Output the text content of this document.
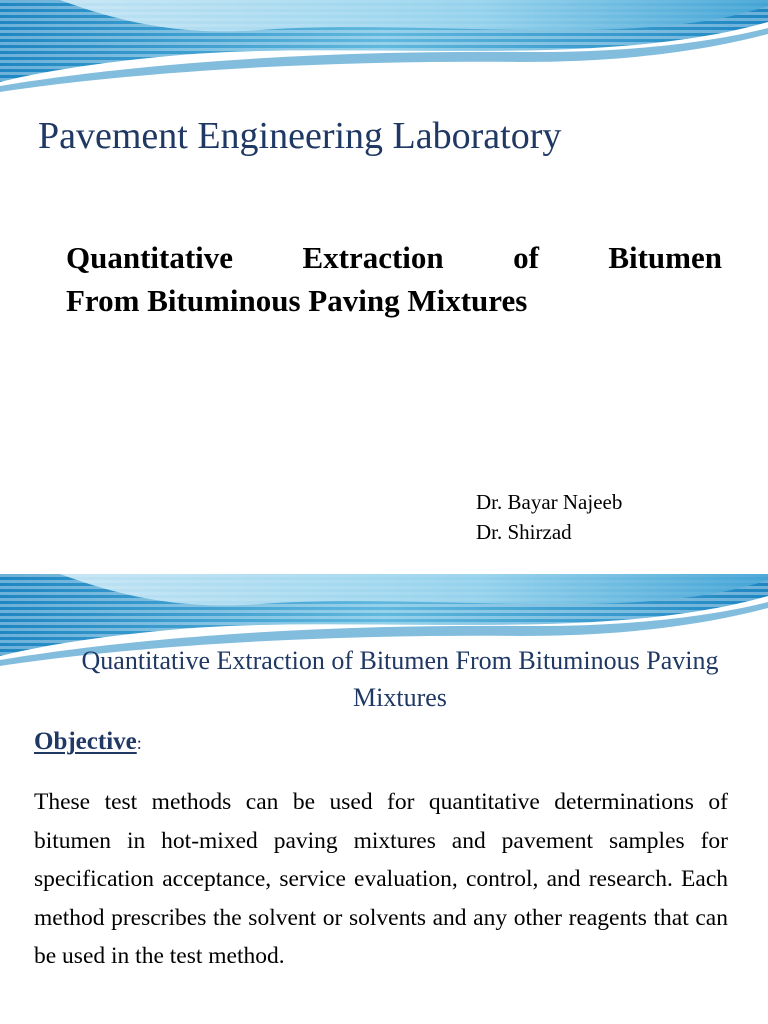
Pavement Engineering Laboratory
Quantitative Extraction of Bitumen
From Bituminous Paving Mixtures
Dr. Bayar Najeeb
Dr. Shirzad
Quantitative Extraction of Bitumen From Bituminous Paving Mixtures
Objective:

These test methods can be used for quantitative determinations of bitumen in hot-mixed paving mixtures and pavement samples for specification acceptance, service evaluation, control, and research. Each method prescribes the solvent or solvents and any other reagents that can be used in the test method.
